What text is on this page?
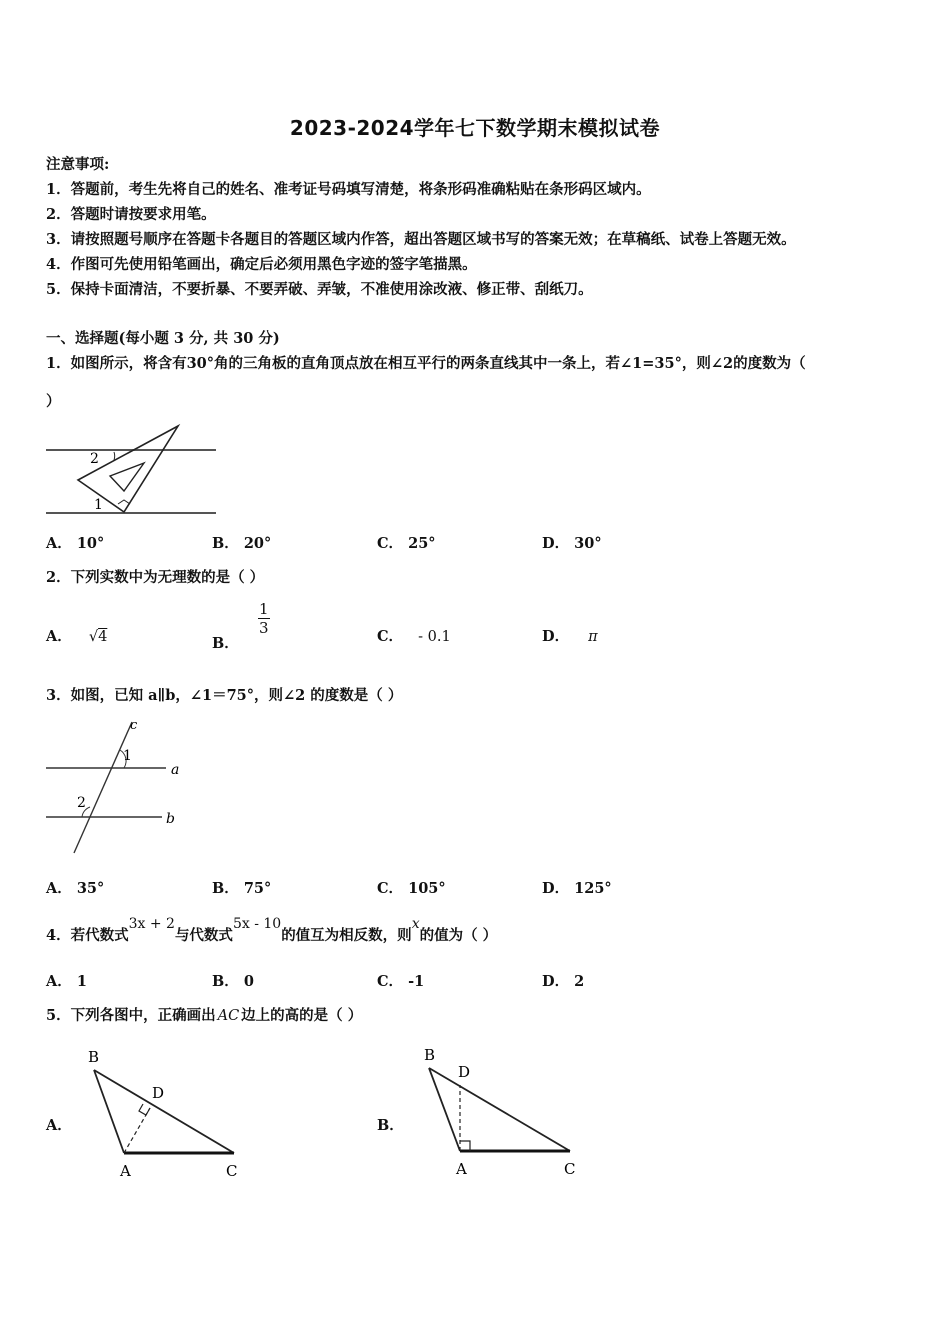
2023-2024学年七下数学期末模拟试卷
注意事项:
1．答题前，考生先将自己的姓名、准考证号码填写清楚，将条形码准确粘贴在条形码区域内。
2．答题时请按要求用笔。
3．请按照题号顺序在答题卡各题目的答题区域内作答，超出答题区域书写的答案无效；在草稿纸、试卷上答题无效。
4．作图可先使用铅笔画出，确定后必须用黑色字迹的签字笔描黑。
5．保持卡面清洁，不要折暴、不要弄破、弄皱，不准使用涂改液、修正带、刮纸刀。
一、选择题(每小题 3 分, 共 30 分)
1．如图所示，将含有30°角的三角板的直角顶点放在相互平行的两条直线其中一条上，若∠1=35°，则∠2的度数为（
）
2
1
A． 10°	B． 20°	C． 25°	D． 30°
2．下列实数中为无理数的是（ ）
A． √4	B．
$\frac{1}{3}$	C． - 0.1	D． π
3．如图，已知 a∥b，∠1＝75°，则∠2 的度数是（ ）
c
1
a
2
b
A． 35°	B． 75°	C． 105°	D． 125°
4．若代数式3x + 2与代数式5x - 10的值互为相反数，则x的值为（ ）
A． 1	B． 0	C． -1	D． 2
5．下列各图中，正确画出 AC 边上的高的是（ ）
A．
B
D
A	C
B．
B
D
A	C
